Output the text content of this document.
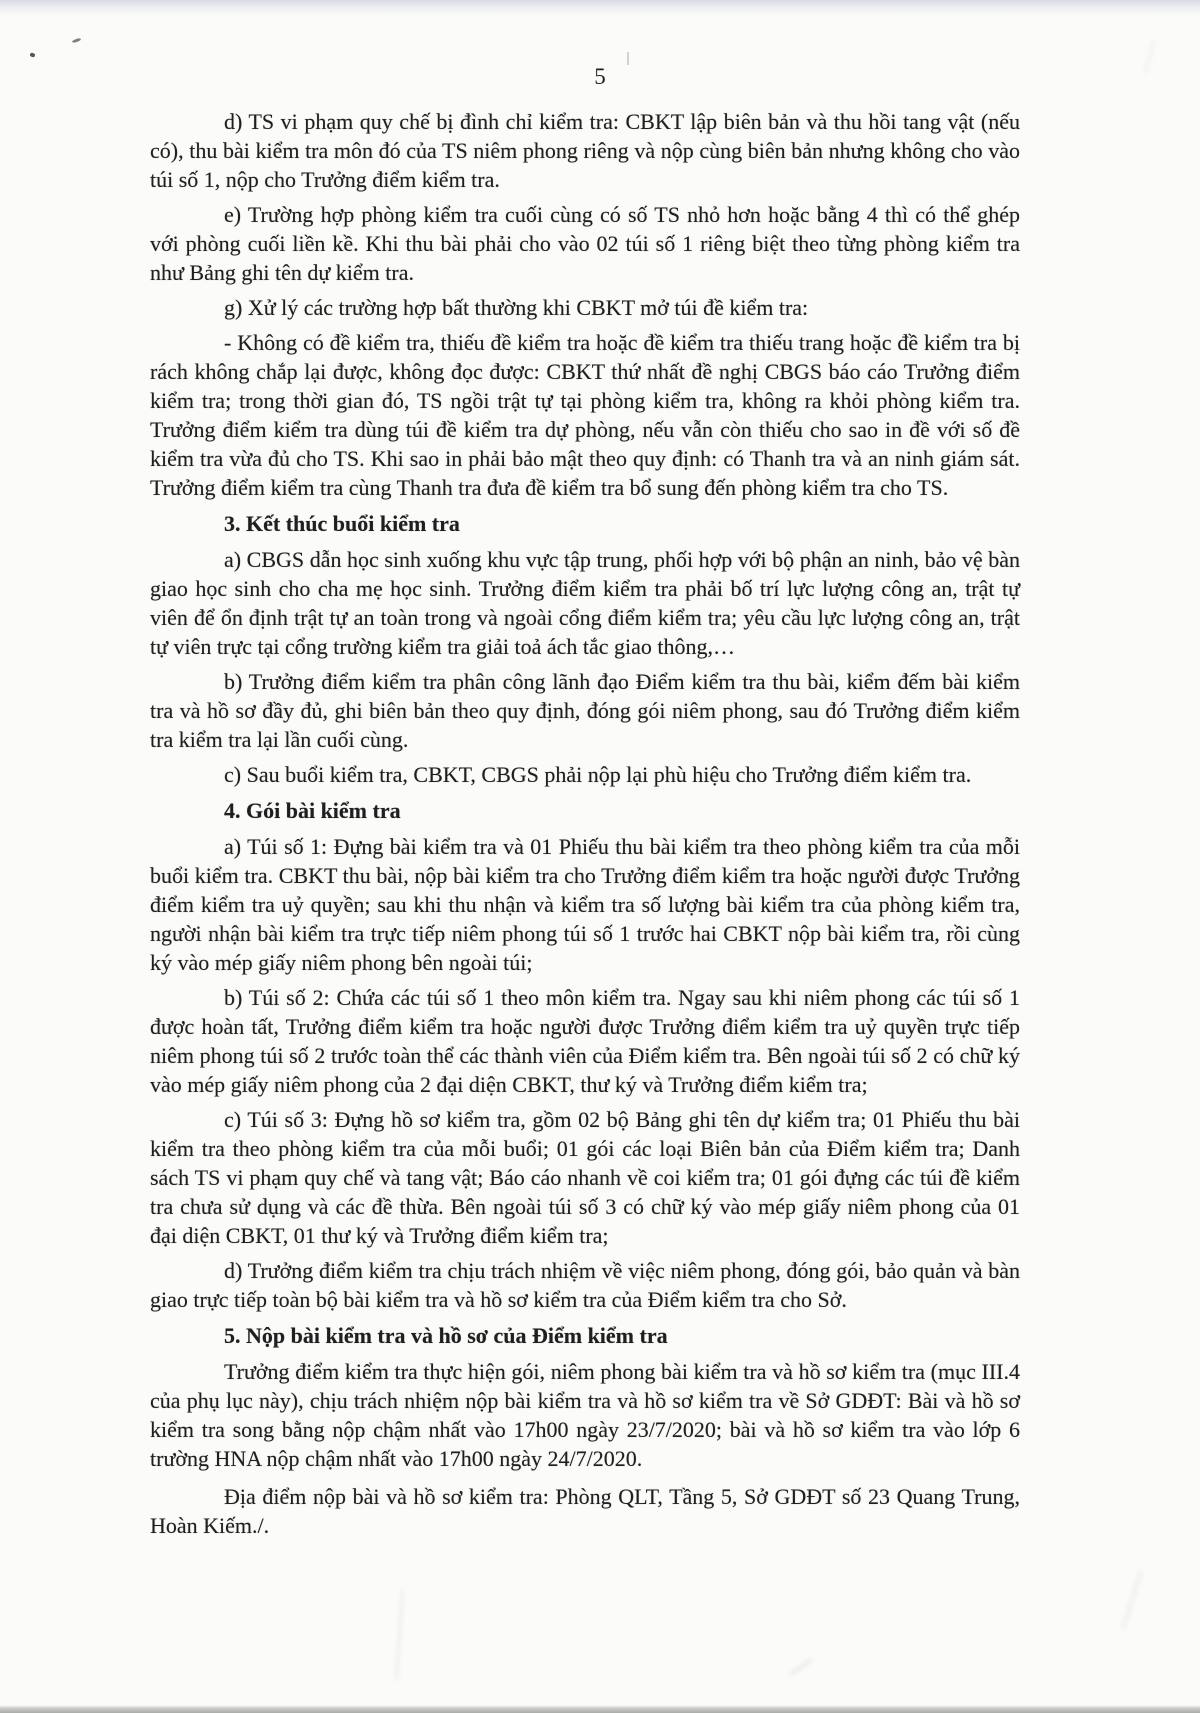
5

d) TS vi phạm quy chế bị đình chỉ kiểm tra: CBKT lập biên bản và thu hồi tang vật (nếu có), thu bài kiểm tra môn đó của TS niêm phong riêng và nộp cùng biên bản nhưng không cho vào túi số 1, nộp cho Trưởng điểm kiểm tra.

e) Trường hợp phòng kiểm tra cuối cùng có số TS nhỏ hơn hoặc bằng 4 thì có thể ghép với phòng cuối liền kề. Khi thu bài phải cho vào 02 túi số 1 riêng biệt theo từng phòng kiểm tra như Bảng ghi tên dự kiểm tra.

g) Xử lý các trường hợp bất thường khi CBKT mở túi đề kiểm tra:

- Không có đề kiểm tra, thiếu đề kiểm tra hoặc đề kiểm tra thiếu trang hoặc đề kiểm tra bị rách không chắp lại được, không đọc được: CBKT thứ nhất đề nghị CBGS báo cáo Trưởng điểm kiểm tra; trong thời gian đó, TS ngồi trật tự tại phòng kiểm tra, không ra khỏi phòng kiểm tra. Trưởng điểm kiểm tra dùng túi đề kiểm tra dự phòng, nếu vẫn còn thiếu cho sao in đề với số đề kiểm tra vừa đủ cho TS. Khi sao in phải bảo mật theo quy định: có Thanh tra và an ninh giám sát. Trưởng điểm kiểm tra cùng Thanh tra đưa đề kiểm tra bổ sung đến phòng kiểm tra cho TS.

3. Kết thúc buổi kiểm tra

a) CBGS dẫn học sinh xuống khu vực tập trung, phối hợp với bộ phận an ninh, bảo vệ bàn giao học sinh cho cha mẹ học sinh. Trưởng điểm kiểm tra phải bố trí lực lượng công an, trật tự viên để ổn định trật tự an toàn trong và ngoài cổng điểm kiểm tra; yêu cầu lực lượng công an, trật tự viên trực tại cổng trường kiểm tra giải toả ách tắc giao thông,…

b) Trưởng điểm kiểm tra phân công lãnh đạo Điểm kiểm tra thu bài, kiểm đếm bài kiểm tra và hồ sơ đầy đủ, ghi biên bản theo quy định, đóng gói niêm phong, sau đó Trưởng điểm kiểm tra kiểm tra lại lần cuối cùng.

c) Sau buổi kiểm tra, CBKT, CBGS phải nộp lại phù hiệu cho Trưởng điểm kiểm tra.

4. Gói bài kiểm tra

a) Túi số 1: Đựng bài kiểm tra và 01 Phiếu thu bài kiểm tra theo phòng kiểm tra của mỗi buổi kiểm tra. CBKT thu bài, nộp bài kiểm tra cho Trưởng điểm kiểm tra hoặc người được Trưởng điểm kiểm tra uỷ quyền; sau khi thu nhận và kiểm tra số lượng bài kiểm tra của phòng kiểm tra, người nhận bài kiểm tra trực tiếp niêm phong túi số 1 trước hai CBKT nộp bài kiểm tra, rồi cùng ký vào mép giấy niêm phong bên ngoài túi;

b) Túi số 2: Chứa các túi số 1 theo môn kiểm tra. Ngay sau khi niêm phong các túi số 1 được hoàn tất, Trưởng điểm kiểm tra hoặc người được Trưởng điểm kiểm tra uỷ quyền trực tiếp niêm phong túi số 2 trước toàn thể các thành viên của Điểm kiểm tra. Bên ngoài túi số 2 có chữ ký vào mép giấy niêm phong của 2 đại diện CBKT, thư ký và Trưởng điểm kiểm tra;

c) Túi số 3: Đựng hồ sơ kiểm tra, gồm 02 bộ Bảng ghi tên dự kiểm tra; 01 Phiếu thu bài kiểm tra theo phòng kiểm tra của mỗi buổi; 01 gói các loại Biên bản của Điểm kiểm tra; Danh sách TS vi phạm quy chế và tang vật; Báo cáo nhanh về coi kiểm tra; 01 gói đựng các túi đề kiểm tra chưa sử dụng và các đề thừa. Bên ngoài túi số 3 có chữ ký vào mép giấy niêm phong của 01 đại diện CBKT, 01 thư ký và Trưởng điểm kiểm tra;

d) Trưởng điểm kiểm tra chịu trách nhiệm về việc niêm phong, đóng gói, bảo quản và bàn giao trực tiếp toàn bộ bài kiểm tra và hồ sơ kiểm tra của Điểm kiểm tra cho Sở.

5. Nộp bài kiểm tra và hồ sơ của Điểm kiểm tra

Trưởng điểm kiểm tra thực hiện gói, niêm phong bài kiểm tra và hồ sơ kiểm tra (mục III.4 của phụ lục này), chịu trách nhiệm nộp bài kiểm tra và hồ sơ kiểm tra về Sở GDĐT: Bài và hồ sơ kiểm tra song bằng nộp chậm nhất vào 17h00 ngày 23/7/2020; bài và hồ sơ kiểm tra vào lớp 6 trường HNA nộp chậm nhất vào 17h00 ngày 24/7/2020.

Địa điểm nộp bài và hồ sơ kiểm tra: Phòng QLT, Tầng 5, Sở GDĐT số 23 Quang Trung, Hoàn Kiếm./.
